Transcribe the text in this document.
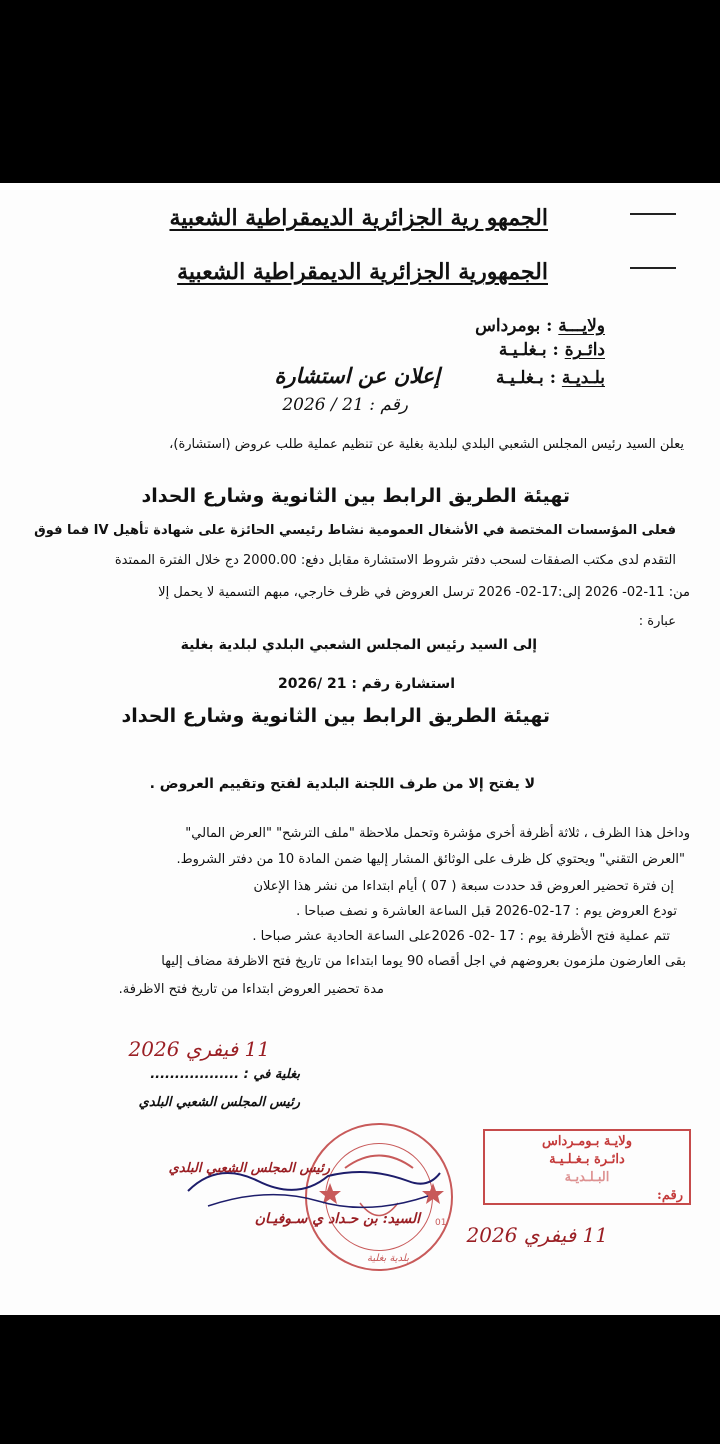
الجمهو رية الجزائرية الديمقراطية الشعبية
الجمهورية الجزائرية الديمقراطية الشعبية
ولايـــة : بومرداس
دائـرة : بـغلـيـة
بلـديـة : بـغلـيـة
إعلان عن استشارة
رقم : 21 / 2026
يعلن السيد رئيس المجلس الشعبي البلدي لبلدية بغلية عن تنظيم عملية طلب عروض (استشارة)،
تهيئة الطريق الرابط بين الثانوية وشارع الحداد
فعلى المؤسسات المختصة في الأشغال العمومية نشاط رئيسي الحائزة على شهادة تأهيل IV فما فوق
التقدم لدى مكتب الصفقات لسحب دفتر شروط الاستشارة مقابل دفع: 2000.00 دج خلال الفترة الممتدة
من: 11-02- 2026 إلى:17-02- 2026 ترسل العروض في ظرف خارجي، مبهم التسمية لا يحمل إلا
عبارة :
إلى السيد رئيس المجلس الشعبي البلدي لبلدية بغلية
استشارة رقم : 21 /2026
تهيئة الطريق الرابط بين الثانوية وشارع الحداد
لا يفتح إلا من طرف اللجنة البلدية لفتح وتقييم العروض .
وداخل هذا الظرف ، ثلاثة أظرفة أخرى مؤشرة وتحمل ملاحظة "ملف الترشح" "العرض المالي"
"العرض التقني" ويحتوي كل ظرف على الوثائق المشار إليها ضمن المادة 10 من دفتر الشروط.
إن فترة تحضير العروض قد حددت سبعة ( 07 ) أيام ابتداءا من نشر هذا الإعلان
تودع العروض يوم : 17-02-2026 قبل الساعة العاشرة و نصف صباحا .
تتم عملية فتح الأظرفة يوم : 17 -02- 2026على الساعة الحادية عشر صباحا .
بقى العارضون ملزمون بعروضهم في اجل أقصاه 90 يوما ابتداءا من تاريخ فتح الاظرفة مضاف إليها
مدة تحضير العروض ابتداءا من تاريخ فتح الاظرفة.
11 فيفري 2026
بغلية في : ..................
رئيس المجلس الشعبي البلدي
بلدية بغلية
01
رئيس المجلس الشعبي البلدي
السيد: بن حـداد ي سـوفيـان
ولايـة بـومـرداس
دائـرة بـغـلـيـة
البـلـديـة
رقم:
11 فيفري 2026
